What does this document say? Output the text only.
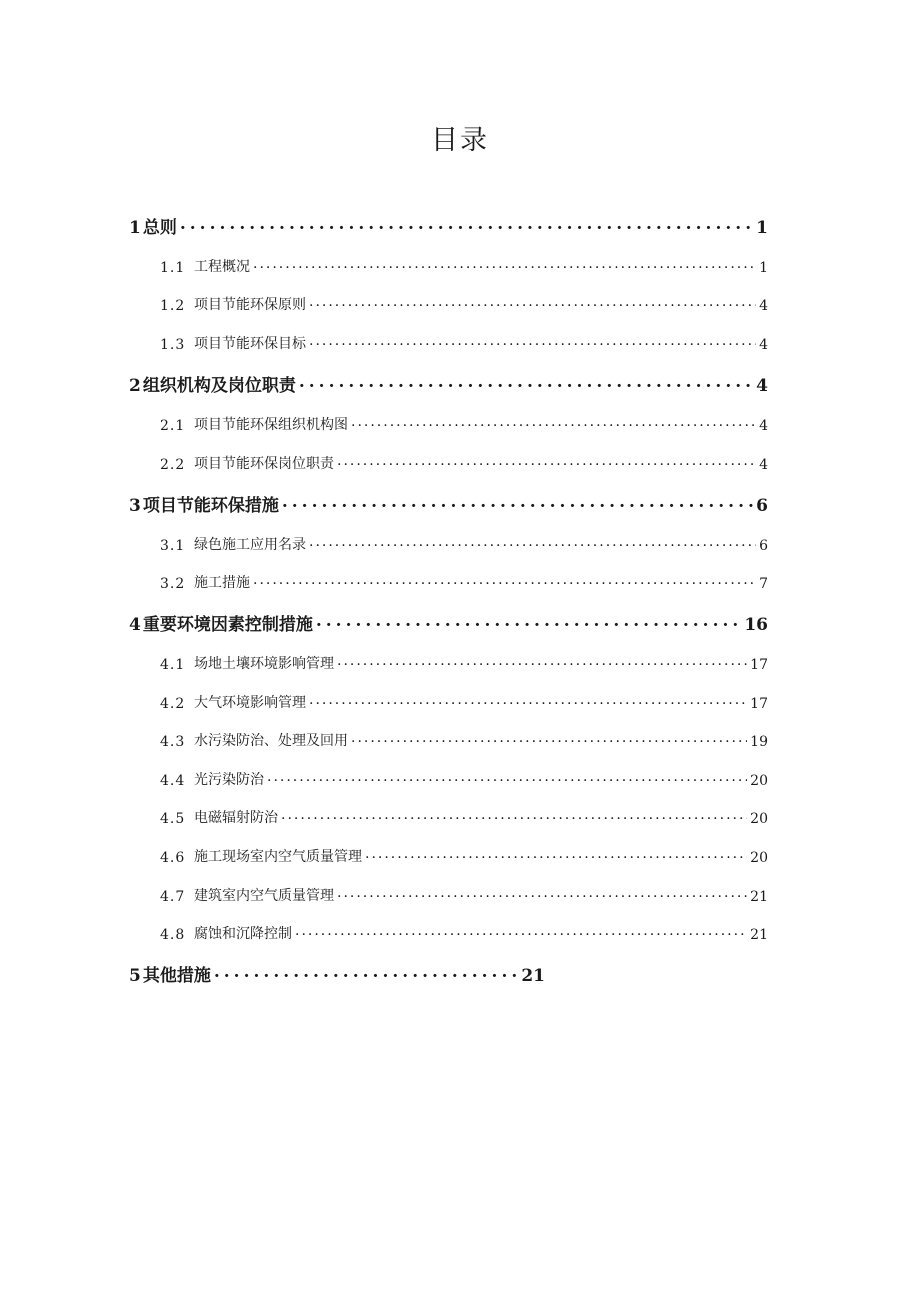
目录
1 总则 .....	1
1.1 工程概况 .....	1
1.2 项目节能环保原则 .....	4
1.3 项目节能环保目标 .....	4
2 组织机构及岗位职责 .....	4
2.1 项目节能环保组织机构图 .....	4
2.2 项目节能环保岗位职责 .....	4
3 项目节能环保措施 .....	6
3.1 绿色施工应用名录 .....	6
3.2 施工措施 .....	7
4 重要环境因素控制措施 .....	16
4.1 场地土壤环境影响管理 .....	17
4.2 大气环境影响管理 .....	17
4.3 水污染防治、处理及回用 .....	19
4.4 光污染防治 .....	20
4.5 电磁辐射防治 .....	20
4.6 施工现场室内空气质量管理 .....	20
4.7 建筑室内空气质量管理 .....	21
4.8 腐蚀和沉降控制 .....	21
5 其他措施 .....	21
